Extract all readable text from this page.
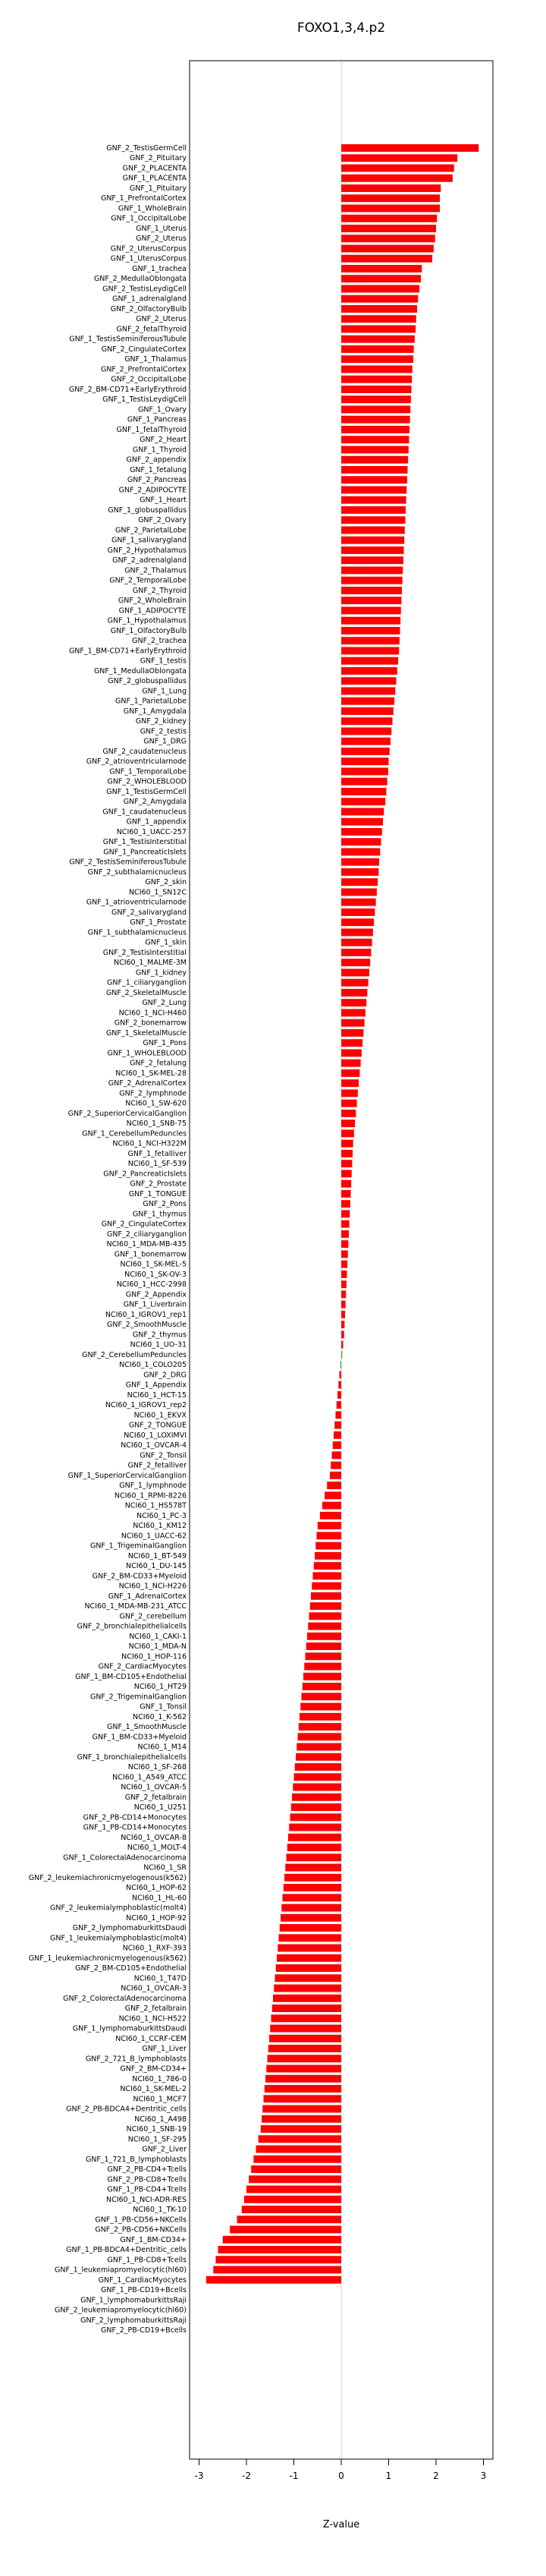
FOXO1,3,4.p2
GNF_2_TestisGermCell
GNF_2_Pituitary
GNF_2_PLACENTA
GNF_1_PLACENTA
GNF_1_Pituitary
GNF_1_PrefrontalCortex
GNF_1_WholeBrain
GNF_1_OccipitalLobe
GNF_1_Uterus
GNF_2_Uterus
GNF_2_UterusCorpus
GNF_1_UterusCorpus
GNF_1_trachea
GNF_2_MedullaOblongata
GNF_2_TestisLeydigCell
GNF_1_adrenalgland
GNF_2_OlfactoryBulb
GNF_2_Uterus
GNF_2_fetalThyroid
GNF_1_TestisSeminiferousTubule
GNF_2_CingulateCortex
GNF_1_Thalamus
GNF_2_PrefrontalCortex
GNF_2_OccipitalLobe
GNF_2_BM-CD71+EarlyErythroid
GNF_1_TestisLeydigCell
GNF_1_Ovary
GNF_1_Pancreas
GNF_1_fetalThyroid
GNF_2_Heart
GNF_1_Thyroid
GNF_2_appendix
GNF_1_fetalung
GNF_2_Pancreas
GNF_2_ADIPOCYTE
GNF_1_Heart
GNF_1_globuspallidus
GNF_2_Ovary
GNF_2_ParietalLobe
GNF_1_salivarygland
GNF_2_Hypothalamus
GNF_2_adrenalgland
GNF_2_Thalamus
GNF_2_TemporalLobe
GNF_2_Thyroid
GNF_2_WholeBrain
GNF_1_ADIPOCYTE
GNF_1_Hypothalamus
GNF_1_OlfactoryBulb
GNF_2_trachea
GNF_1_BM-CD71+EarlyErythroid
GNF_1_testis
GNF_1_MedullaOblongata
GNF_2_globuspallidus
GNF_1_Lung
GNF_1_ParietalLobe
GNF_1_Amygdala
GNF_2_kidney
GNF_2_testis
GNF_1_DRG
GNF_2_caudatenucleus
GNF_2_atrioventricularnode
GNF_1_TemporalLobe
GNF_2_WHOLEBLOOD
GNF_1_TestisGermCell
GNF_2_Amygdala
GNF_1_caudatenucleus
GNF_1_appendix
NCI60_1_UACC-257
GNF_1_TestisInterstitial
GNF_1_PancreaticIslets
GNF_2_TestisSeminiferousTubule
GNF_2_subthalamicnucleus
GNF_2_skin
NCI60_1_SN12C
GNF_1_atrioventricularnode
GNF_2_salivarygland
GNF_1_Prostate
GNF_1_subthalamicnucleus
GNF_1_skin
GNF_2_TestisInterstitial
NCI60_1_MALME-3M
GNF_1_kidney
GNF_1_ciliaryganglion
GNF_2_SkeletalMuscle
GNF_2_Lung
NCI60_1_NCI-H460
GNF_2_bonemarrow
GNF_1_SkeletalMuscle
GNF_1_Pons
GNF_1_WHOLEBLOOD
GNF_2_fetalung
NCI60_1_SK-MEL-28
GNF_2_AdrenalCortex
GNF_2_lymphnode
NCI60_1_SW-620
GNF_2_SuperiorCervicalGanglion
NCI60_1_SNB-75
GNF_1_CerebellumPeduncles
NCI60_1_NCI-H322M
GNF_1_fetalliver
NCI60_1_SF-539
GNF_2_PancreaticIslets
GNF_2_Prostate
GNF_1_TONGUE
GNF_2_Pons
GNF_1_thymus
GNF_2_CingulateCortex
GNF_2_ciliaryganglion
NCI60_1_MDA-MB-435
GNF_1_bonemarrow
NCI60_1_SK-MEL-5
NCI60_1_SK-OV-3
NCI60_1_HCC-2998
GNF_2_Appendix
GNF_1_Liverbrain
NCI60_1_IGROV1_rep1
GNF_2_SmoothMuscle
GNF_2_thymus
NCI60_1_UO-31
GNF_2_CerebellumPeduncles
NCI60_1_COLO205
GNF_2_DRG
GNF_1_Appendix
NCI60_1_HCT-15
NCI60_1_IGROV1_rep2
NCI60_1_EKVX
GNF_2_TONGUE
NCI60_1_LOXIMVI
NCI60_1_OVCAR-4
GNF_2_Tonsil
GNF_2_fetalliver
GNF_1_SuperiorCervicalGanglion
GNF_1_lymphnode
NCI60_1_RPMI-8226
NCI60_1_HS578T
NCI60_1_PC-3
NCI60_1_KM12
NCI60_1_UACC-62
GNF_1_TrigeminalGanglion
NCI60_1_BT-549
NCI60_1_DU-145
GNF_2_BM-CD33+Myeloid
NCI60_1_NCI-H226
GNF_1_AdrenalCortex
NCI60_1_MDA-MB-231_ATCC
GNF_2_cerebellum
GNF_2_bronchialepithelialcells
NCI60_1_CAKI-1
NCI60_1_MDA-N
NCI60_1_HOP-116
GNF_2_CardiacMyocytes
GNF_1_BM-CD105+Endothelial
NCI60_1_HT29
GNF_2_TrigeminalGanglion
GNF_1_Tonsil
NCI60_1_K-562
GNF_1_SmoothMuscle
GNF_1_BM-CD33+Myeloid
NCI60_1_M14
GNF_1_bronchialepithelialcells
NCI60_1_SF-268
NCI60_1_A549_ATCC
NCI60_1_OVCAR-5
GNF_2_fetalbrain
NCI60_1_U251
GNF_2_PB-CD14+Monocytes
GNF_1_PB-CD14+Monocytes
NCI60_1_OVCAR-8
NCI60_1_MOLT-4
GNF_1_ColorectalAdenocarcinoma
NCI60_1_SR
GNF_2_leukemiachronicmyelogenous(k562)
NCI60_1_HOP-62
NCI60_1_HL-60
GNF_2_leukemialymphoblastic(molt4)
NCI60_1_HOP-92
GNF_2_lymphomaburkittsDaudi
GNF_1_leukemialymphoblastic(molt4)
NCI60_1_RXF-393
GNF_1_leukemiachronicmyelogenous(k562)
GNF_2_BM-CD105+Endothelial
NCI60_1_T47D
NCI60_1_OVCAR-3
GNF_2_ColorectalAdenocarcinoma
GNF_2_fetalbrain
NCI60_1_NCI-H522
GNF_1_lymphomaburkittsDaudi
NCI60_1_CCRF-CEM
GNF_1_Liver
GNF_2_721_B_lymphoblasts
GNF_2_BM-CD34+
NCI60_1_786-0
NCI60_1_SK-MEL-2
NCI60_1_MCF7
GNF_2_PB-BDCA4+Dentritic_cells
NCI60_1_A498
NCI60_1_SNB-19
NCI60_1_SF-295
GNF_2_Liver
GNF_1_721_B_lymphoblasts
GNF_2_PB-CD4+Tcells
GNF_2_PB-CD8+Tcells
GNF_1_PB-CD4+Tcells
NCI60_1_NCI-ADR-RES
NCI60_1_TK-10
GNF_1_PB-CD56+NKCells
GNF_2_PB-CD56+NKCells
GNF_1_BM-CD34+
GNF_1_PB-BDCA4+Dentritic_cells
GNF_1_PB-CD8+Tcells
GNF_1_leukemiapromyelocytic(hl60)
GNF_1_CardiacMyocytes
GNF_1_PB-CD19+Bcells
GNF_1_lymphomaburkittsRaji
GNF_2_leukemiapromyelocytic(hl60)
GNF_2_lymphomaburkittsRaji
GNF_2_PB-CD19+Bcells
-3	-2	-1	0	1	2	3
Z-value
